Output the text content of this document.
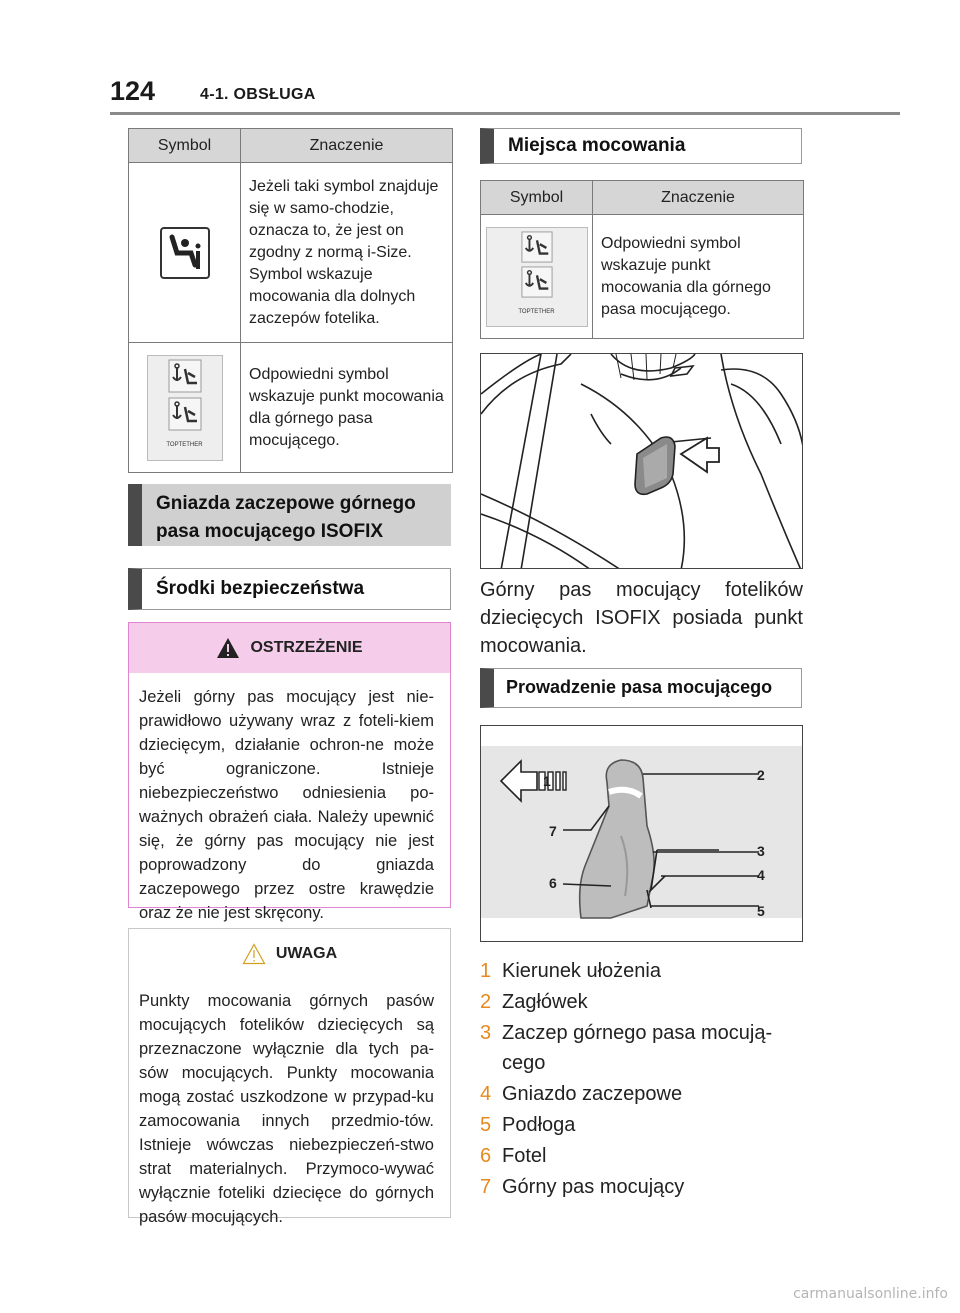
124	4-1. OBSŁUGA
Symbol	Znaczenie

	Jeżeli taki symbol znajduje się w samo-chodzie, oznacza to, że jest on zgodny z normą i-Size. Symbol wskazuje mocowania dla dolnych zaczepów fotelika.

TOPTETHER	Odpowiedni symbol wskazuje punkt mocowania dla górnego pasa mocującego.
Gniazda zaczepowe górnego pasa mocującego ISOFIX
Środki bezpieczeństwa
OSTRZEŻENIE
Jeżeli górny pas mocujący jest nie-prawidłowo używany wraz z foteli-kiem dziecięcym, działanie ochron-ne może być ograniczone. Istnieje niebezpieczeństwo odniesienia po-ważnych obrażeń ciała. Należy upewnić się, że górny pas mocujący nie jest poprowadzony do gniazda zaczepowego przez ostre krawędzie oraz że nie jest skręcony.
UWAGA
Punkty mocowania górnych pasów mocujących fotelików dziecięcych są przeznaczone wyłącznie dla tych pa-sów mocujących. Punkty mocowania mogą zostać uszkodzone w przypad-ku zamocowania innych przedmio-tów. Istnieje wówczas niebezpieczeń-stwo strat materialnych. Przymoco-wywać wyłącznie foteliki dziecięce do górnych pasów mocujących.
Miejsca mocowania
Symbol	Znaczenie

TOPTETHER	Odpowiedni symbol wskazuje punkt mocowania dla górnego pasa mocującego.
Górny pas mocujący fotelików dziecięcych ISOFIX posiada punkt mocowania.
Prowadzenie pasa mocującego
1	2
3
4
5
6
7
1 Kierunek ułożenia
2 Zagłówek
3 Zaczep górnego pasa mocują-cego
4 Gniazdo zaczepowe
5 Podłoga
6 Fotel
7 Górny pas mocujący
carmanualsonline.info
